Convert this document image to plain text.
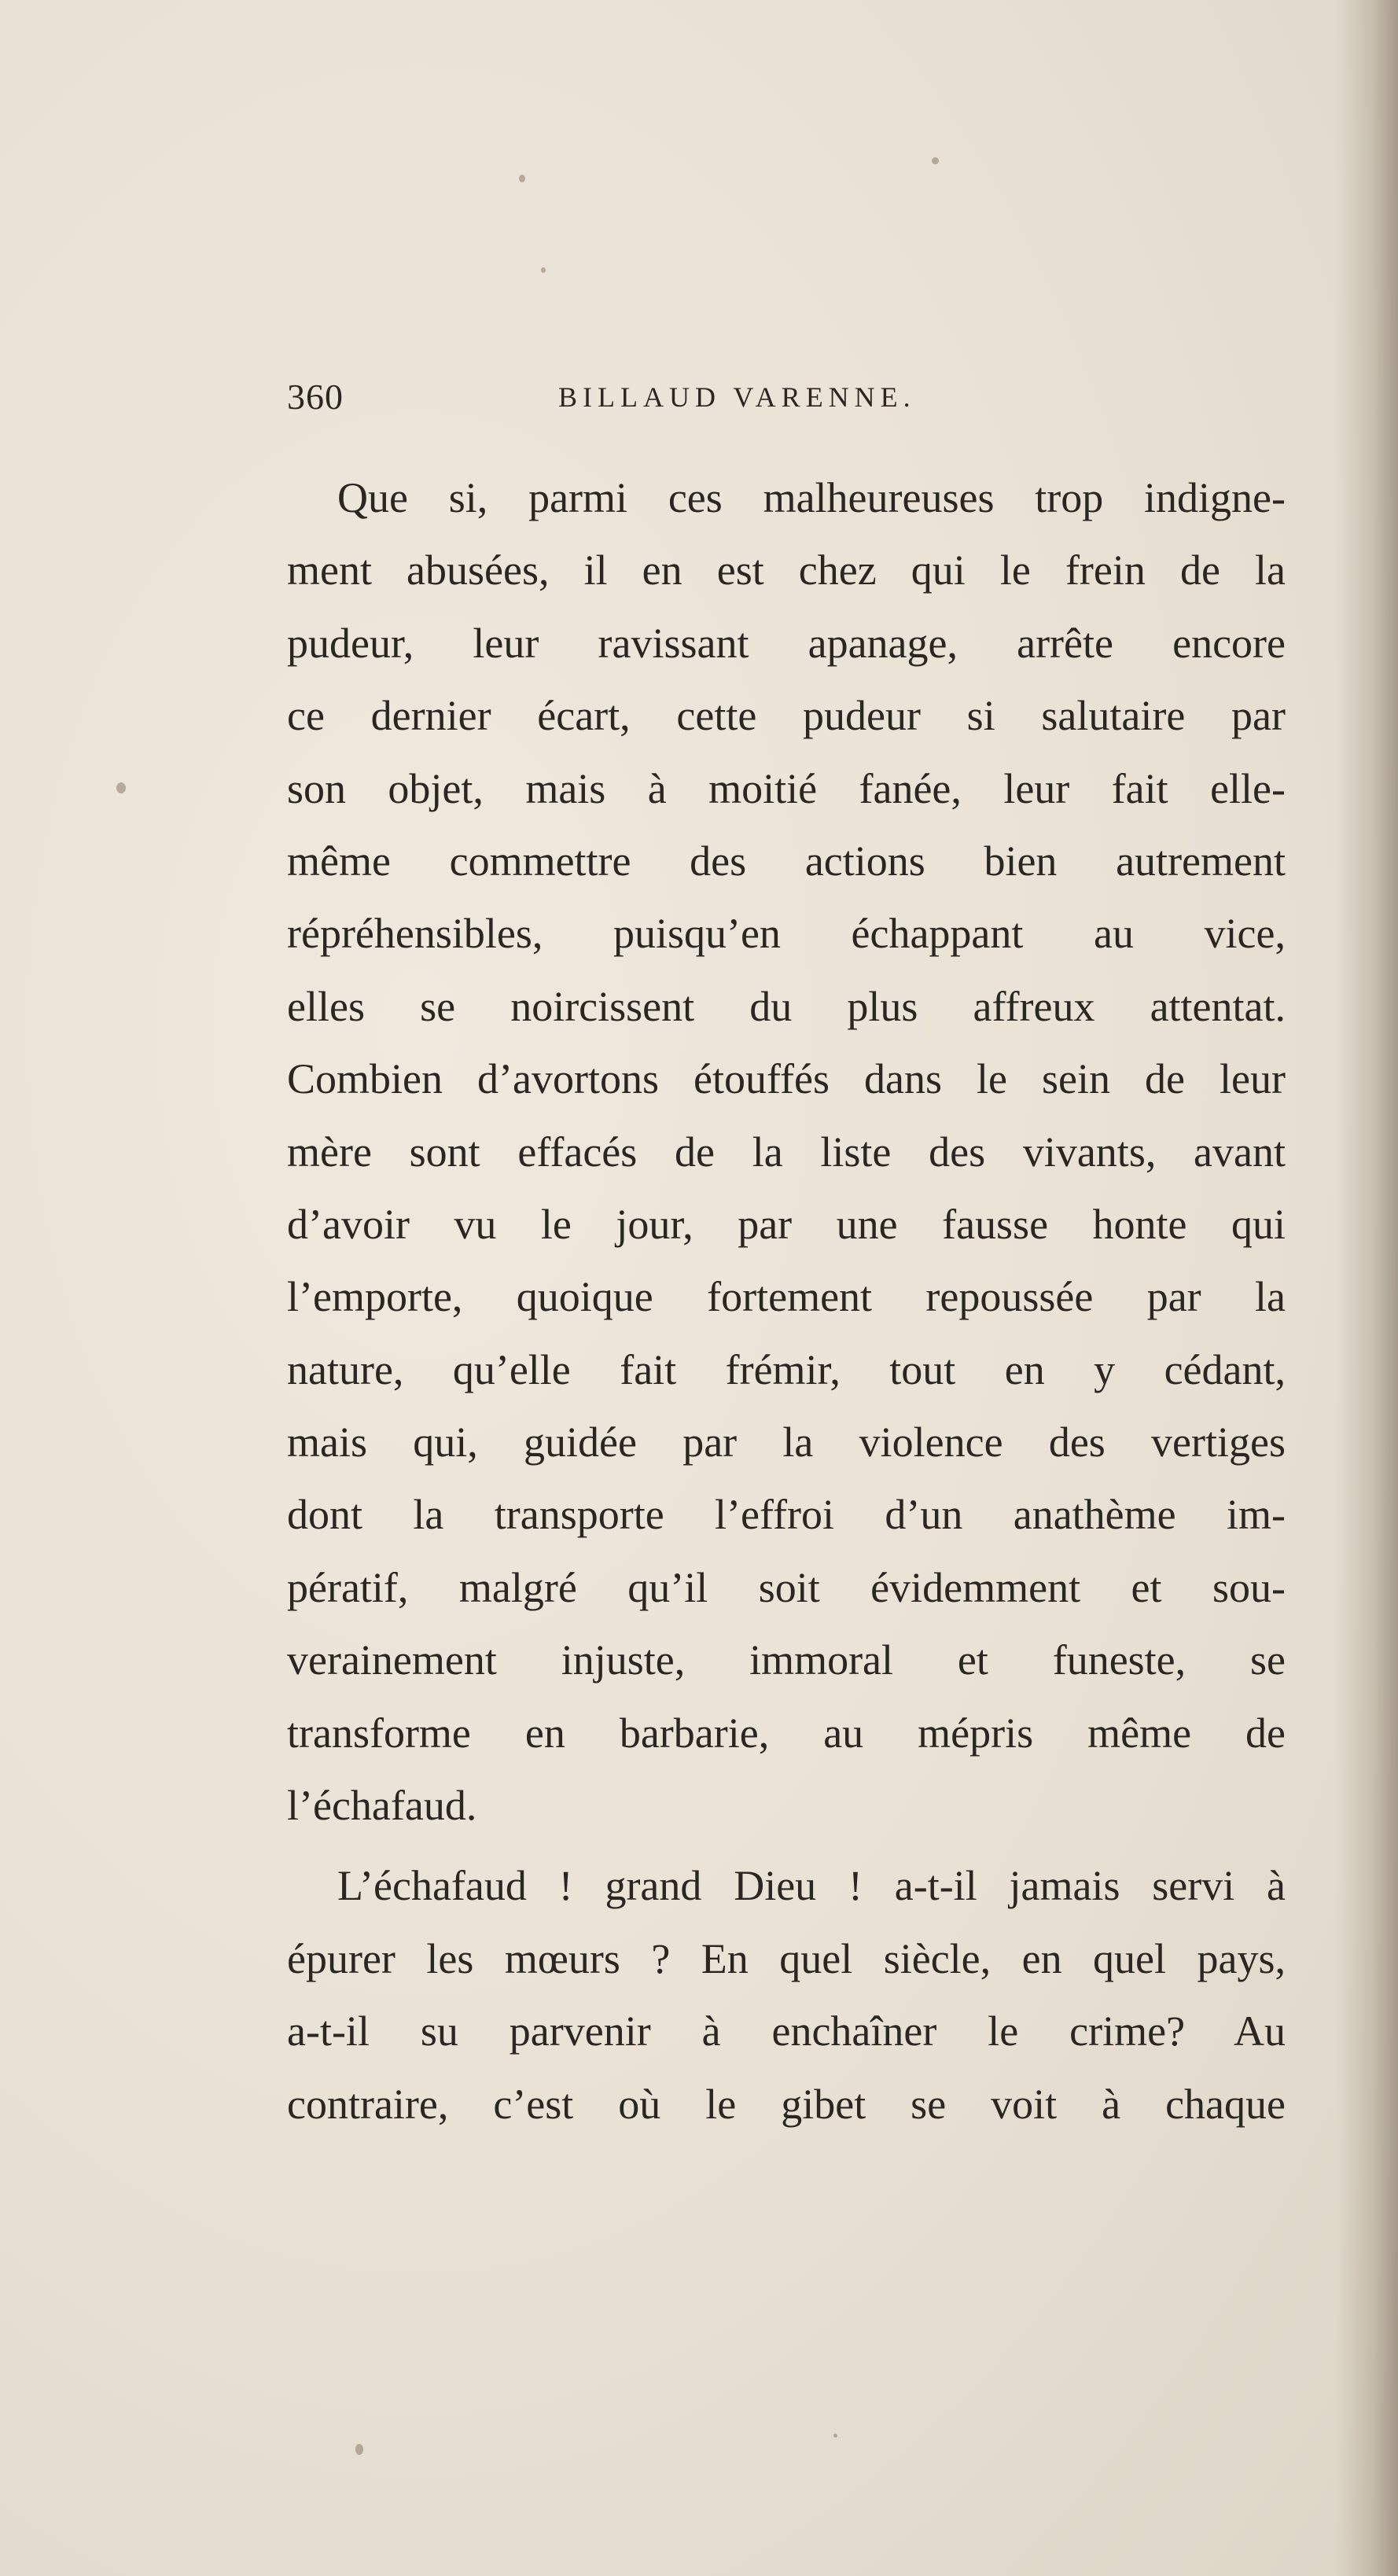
360	BILLAUD VARENNE.
Que si, parmi ces malheureuses trop indigne-
ment abusées, il en est chez qui le frein de la
pudeur, leur ravissant apanage, arrête encore
ce dernier écart, cette pudeur si salutaire par
son objet, mais à moitié fanée, leur fait elle-
même commettre des actions bien autrement
répréhensibles, puisqu’en échappant au vice,
elles se noircissent du plus affreux attentat.
Combien d’avortons étouffés dans le sein de leur
mère sont effacés de la liste des vivants, avant
d’avoir vu le jour, par une fausse honte qui
l’emporte, quoique fortement repoussée par la
nature, qu’elle fait frémir, tout en y cédant,
mais qui, guidée par la violence des vertiges
dont la transporte l’effroi d’un anathème im-
pératif, malgré qu’il soit évidemment et sou-
verainement injuste, immoral et funeste, se
transforme en barbarie, au mépris même de
l’échafaud.
L’échafaud ! grand Dieu ! a-t-il jamais servi à
épurer les mœurs ? En quel siècle, en quel pays,
a-t-il su parvenir à enchaîner le crime? Au
contraire, c’est où le gibet se voit à chaque
